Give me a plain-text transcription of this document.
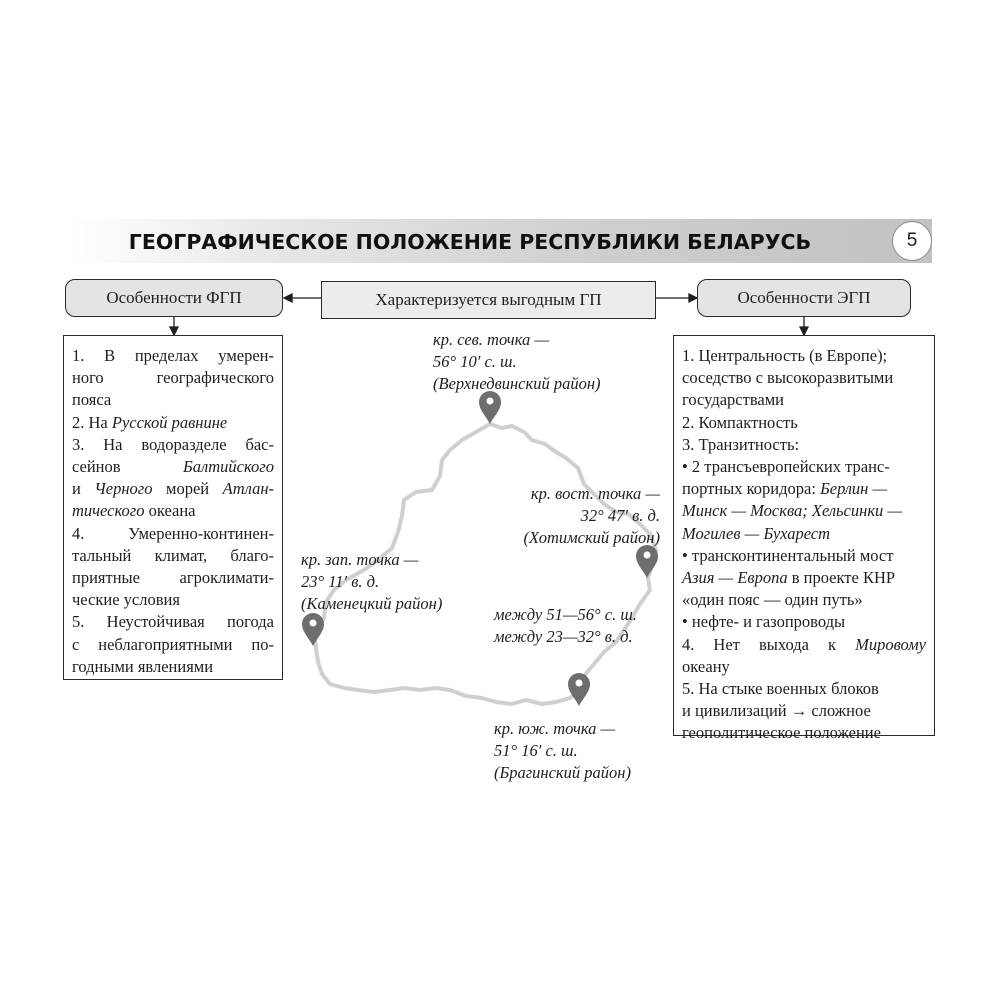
ГЕОГРАФИЧЕСКОЕ ПОЛОЖЕНИЕ РЕСПУБЛИКИ БЕЛАРУСЬ	5
Особенности ФГП	Характеризуется выгодным ГП	Особенности ЭГП
1. В пределах умерен-
ного географического
пояса
2. На Русской равнине
3. На водоразделе бас-
сейнов Балтийского
и Черного морей Атлан-
тического океана
4. Умеренно-континен-
тальный климат, благо-
приятные агроклимати-
ческие условия
5. Неустойчивая погода
с неблагоприятными по-
годными явлениями
1. Центральность (в Европе);
соседство с высокоразвитыми
государствами
2. Компактность
3. Транзитность:
• 2 трансъевропейских транс-
портных коридора: Берлин —
Минск — Москва; Хельсинки —
Могилев — Бухарест
• трансконтинентальный мост
Азия — Европа в проекте КНР
«один пояс — один путь»
• нефте- и газопроводы
4. Нет выхода к Мировому
океану
5. На стыке военных блоков
и цивилизаций → сложное
геополитическое положение
кр. сев. точка —
56° 10′ с. ш.
(Верхнедвинский район)
кр. вост. точка —
32° 47′ в. д.
(Хотимский район)
кр. зап. точка —
23° 11′ в. д.
(Каменецкий район)
между 51—56° с. ш.
между 23—32° в. д.
кр. юж. точка —
51° 16′ с. ш.
(Брагинский район)
